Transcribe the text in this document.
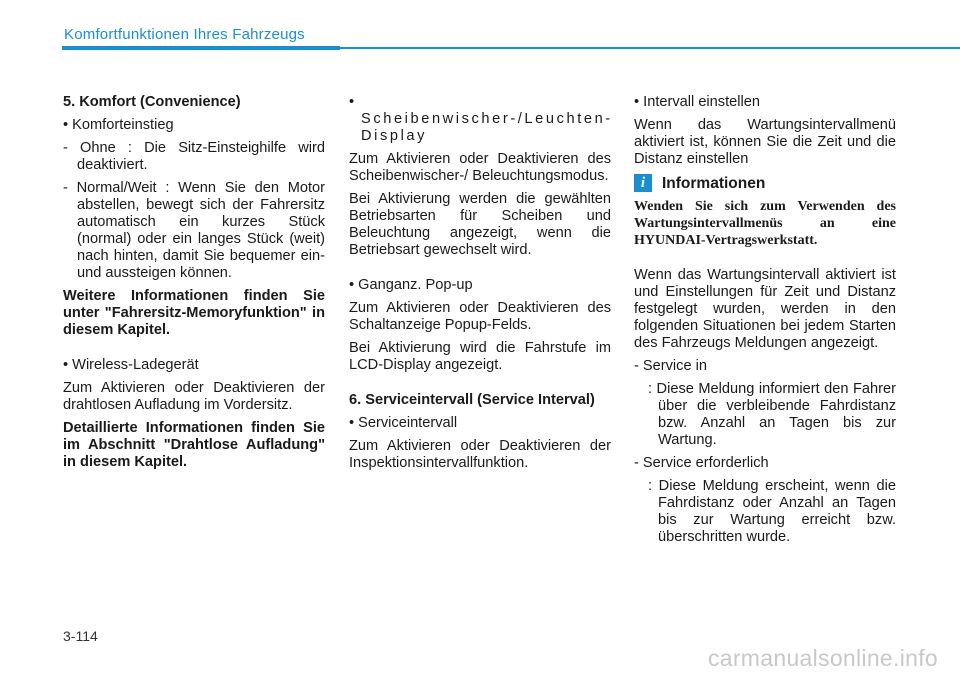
Komfortfunktionen Ihres Fahrzeugs

5. Komfort (Convenience)

• Komforteinstieg

- Ohne : Die Sitz-Einsteighilfe wird deaktiviert.

- Normal/Weit : Wenn Sie den Motor abstellen, bewegt sich der Fahrersitz automatisch ein kurzes Stück (normal) oder ein langes Stück (weit) nach hinten, damit Sie bequemer ein- und aussteigen können.

Weitere Informationen finden Sie unter "Fahrersitz-Memoryfunktion" in diesem Kapitel.

• Wireless-Ladegerät

Zum Aktivieren oder Deaktivieren der drahtlosen Aufladung im Vordersitz.

Detaillierte Informationen finden Sie im Abschnitt "Drahtlose Aufladung" in diesem Kapitel.

• Scheibenwischer-/Leuchten-Display

Zum Aktivieren oder Deaktivieren des Scheibenwischer-/ Beleuchtungsmodus.

Bei Aktivierung werden die gewählten Betriebsarten für Scheiben und Beleuchtung angezeigt, wenn die Betriebsart gewechselt wird.

• Ganganz. Pop-up

Zum Aktivieren oder Deaktivieren des Schaltanzeige Popup-Felds.

Bei Aktivierung wird die Fahrstufe im LCD-Display angezeigt.

6. Serviceintervall (Service Interval)

• Serviceintervall

Zum Aktivieren oder Deaktivieren der Inspektionsintervallfunktion.

• Intervall einstellen

Wenn das Wartungsintervallmenü aktiviert ist, können Sie die Zeit und die Distanz einstellen

i	Informationen

Wenden Sie sich zum Verwenden des Wartungsintervallmenüs an eine HYUNDAI-Vertragswerkstatt.

Wenn das Wartungsintervall aktiviert ist und Einstellungen für Zeit und Distanz festgelegt wurden, werden in den folgenden Situationen bei jedem Starten des Fahrzeugs Meldungen angezeigt.

- Service in

: Diese Meldung informiert den Fahrer über die verbleibende Fahrdistanz bzw. Anzahl an Tagen bis zur Wartung.

- Service erforderlich

: Diese Meldung erscheint, wenn die Fahrdistanz oder Anzahl an Tagen bis zur Wartung erreicht bzw. überschritten wurde.

3-114
carmanualsonline.info
